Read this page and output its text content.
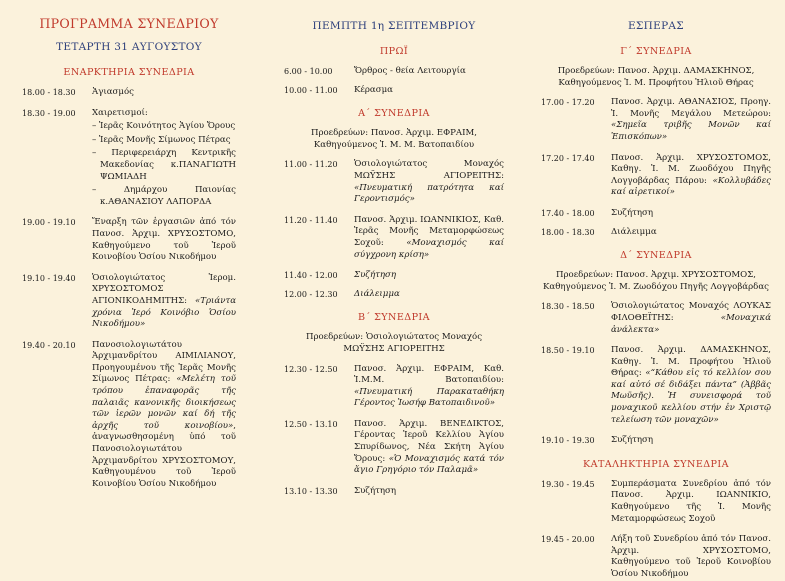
ΠΡΟΓΡΑΜΜΑ ΣΥΝΕΔΡΙΟΥ
ΤΕΤΑΡΤΗ 31 ΑΥΓΟΥΣΤΟΥ
ΕΝΑΡΚΤΗΡΙΑ ΣΥΝΕΔΡΙΑ
18.00 - 18.30	Ἁγιασμός
18.30 - 19.00	Χαιρετισμοί:
– Ἱερᾶς Κοινότητος Ἁγίου Ὄρους
– Ἱερᾶς Μονῆς Σίμωνος Πέτρας
– Περιφερειάρχη Κεντρικῆς Μακεδονίας κ.ΠΑΝΑΓΙΩΤΗ ΨΩΜΙΑΔΗ
– Δημάρχου Παιονίας κ.ΑΘΑΝΑΣΙΟΥ ΛΑΠΟΡΔΑ
19.00 - 19.10	Ἔναρξη τῶν ἐργασιῶν ἀπό τόν Πανοσ. Ἀρχιμ. ΧΡΥΣΟΣΤΟΜΟ, Καθηγούμενο τοῦ Ἱεροῦ Κοινοβίου Ὁσίου Νικοδήμου
19.10 - 19.40	Ὁσιολογιώτατος Ἱερομ. ΧΡΥΣΟΣΤΟΜΟΣ ΑΓΙΟΝΙΚΟΔΗΜΙΤΗΣ: «Τριάντα χρόνια Ἱερό Κοινόβιο Ὁσίου Νικοδήμου»
19.40 - 20.10	Πανοσιολογιωτάτου Ἀρχιμανδρίτου ΑΙΜΙΛΙΑΝΟΥ, Προηγουμένου τῆς Ἱερᾶς Μονῆς Σίμωνος Πέτρας: «Μελέτη τοῦ τρόπου ἐπαναφορᾶς τῆς παλαιᾶς κανονικῆς διοικήσεως τῶν ἱερῶν μονῶν καί δή τῆς ἀρχῆς τοῦ κοινοβίου», ἀναγνωσθησομένη ὑπό τοῦ Πανοσιολογιωτάτου Ἀρχιμανδρίτου ΧΡΥΣΟΣΤΟΜΟΥ, Καθηγουμένου τοῦ Ἱεροῦ Κοινοβίου Ὁσίου Νικοδήμου
ΠΕΜΠΤΗ 1η ΣΕΠΤΕΜΒΡΙΟΥ
ΠΡΩΪ
6.00 - 10.00	Ὄρθρος - θεία Λειτουργία
10.00 - 11.00	Κέρασμα
Α΄ ΣΥΝΕΔΡΙΑ
Προεδρεύων: Πανοσ. Ἀρχιμ. ΕΦΡΑΙΜ,
Καθηγούμενος Ἱ. Μ. Μ. Βατοπαιδίου
11.00 - 11.20	Ὁσιολογιώτατος Μοναχός ΜΩΫΣΗΣ ΑΓΙΟΡΕΙΤΗΣ: «Πνευματική πατρότητα καί Γεροντισμός»
11.20 - 11.40	Πανοσ. Ἀρχιμ. ΙΩΑΝΝΙΚΙΟΣ, Καθ. Ἱερᾶς Μονῆς Μεταμορφώσεως Σοχοῦ:	«Μοναχισμός καί σύγχρονη κρίση»
11.40 - 12.00	Συζήτηση
12.00 - 12.30	Διάλειμμα
Β΄ ΣΥΝΕΔΡΙΑ
Προεδρεύων: Ὁσιολογιώτατος Μοναχός
ΜΩΫΣΗΣ ΑΓΙΟΡΕΙΤΗΣ
12.30 - 12.50	Πανοσ. Ἀρχιμ. ΕΦΡΑΙΜ, Καθ. Ἱ.Μ.Μ. Βατοπαιδίου: «Πνευματική Παρακαταθήκη Γέροντος Ἰωσήφ Βατοπαιδινοῦ»
12.50 - 13.10	Πανοσ. Ἀρχιμ. ΒΕΝΕΔΙΚΤΟΣ, Γέροντας Ἱεροῦ Κελλίου Ἁγίου Σπυρίδωνος, Νέα Σκήτη Ἁγίου Ὄρους: «Ὁ Μοναχισμός κατά τόν ἅγιο Γρηγόριο τόν Παλαμᾶ»
13.10 - 13.30	Συζήτηση
ΕΣΠΕΡΑΣ
Γ΄ ΣΥΝΕΔΡΙΑ
Προεδρεύων: Πανοσ. Ἀρχιμ. ΔΑΜΑΣΚΗΝΟΣ,
Καθηγούμενος Ἱ. Μ. Προφήτου Ἠλιοῦ Θήρας
17.00 - 17.20	Πανοσ. Ἀρχιμ. ΑΘΑΝΑΣΙΟΣ, Προηγ. Ἱ. Μονῆς Μεγάλου Μετεώρου: «Σημεῖα τριβῆς Μονῶν καί Ἐπισκόπων»
17.20 - 17.40	Πανοσ. Ἀρχιμ. ΧΡΥΣΟΣΤΟΜΟΣ, Καθηγ. Ἱ. Μ. Ζωοδόχου Πηγῆς Λογγοβάρδας Πάρου: «Κολλυβάδες καί αἱρετικοί»
17.40 - 18.00	Συζήτηση
18.00 - 18.30	Διάλειμμα
Δ΄ ΣΥΝΕΔΡΙΑ
Προεδρεύων: Πανοσ. Ἀρχιμ. ΧΡΥΣΟΣΤΟΜΟΣ,
Καθηγούμενος Ἱ. Μ. Ζωοδόχου Πηγῆς Λογγοβάρδας
18.30 - 18.50	Ὁσιολογιώτατος Μοναχός ΛΟΥΚΑΣ ΦΙΛΟΘΕΪΤΗΣ:	«Μοναχικά ἀνάλεκτα»
18.50 - 19.10	Πανοσ. Ἀρχιμ. ΔΑΜΑΣΚΗΝΟΣ, Καθηγ. Ἱ. Μ. Προφήτου Ἠλιοῦ Θήρας: «“Κάθου εἰς τό κελλίον σου καί αὐτό σέ διδάξει πάντα” (Ἀββᾶς Μωϋσῆς). Ἡ συνεισφορά τοῦ μοναχικοῦ κελλίου στήν ἐν Χριστῷ τελείωση τῶν μοναχῶν»
19.10 - 19.30	Συζήτηση
ΚΑΤΑΛΗΚΤΗΡΙΑ ΣΥΝΕΔΡΙΑ
19.30 - 19.45	Συμπεράσματα Συνεδρίου ἀπό τόν Πανοσ. Ἀρχιμ. ΙΩΑΝΝΙΚΙΟ, Καθηγούμενο τῆς Ἱ. Μονῆς Μεταμορφώσεως Σοχοῦ
19.45 - 20.00	Λήξη τοῦ Συνεδρίου ἀπό τόν Πανοσ. Ἀρχιμ. ΧΡΥΣΟΣΤΟΜΟ, Καθηγούμενο τοῦ Ἱεροῦ Κοινοβίου Ὁσίου Νικοδήμου
